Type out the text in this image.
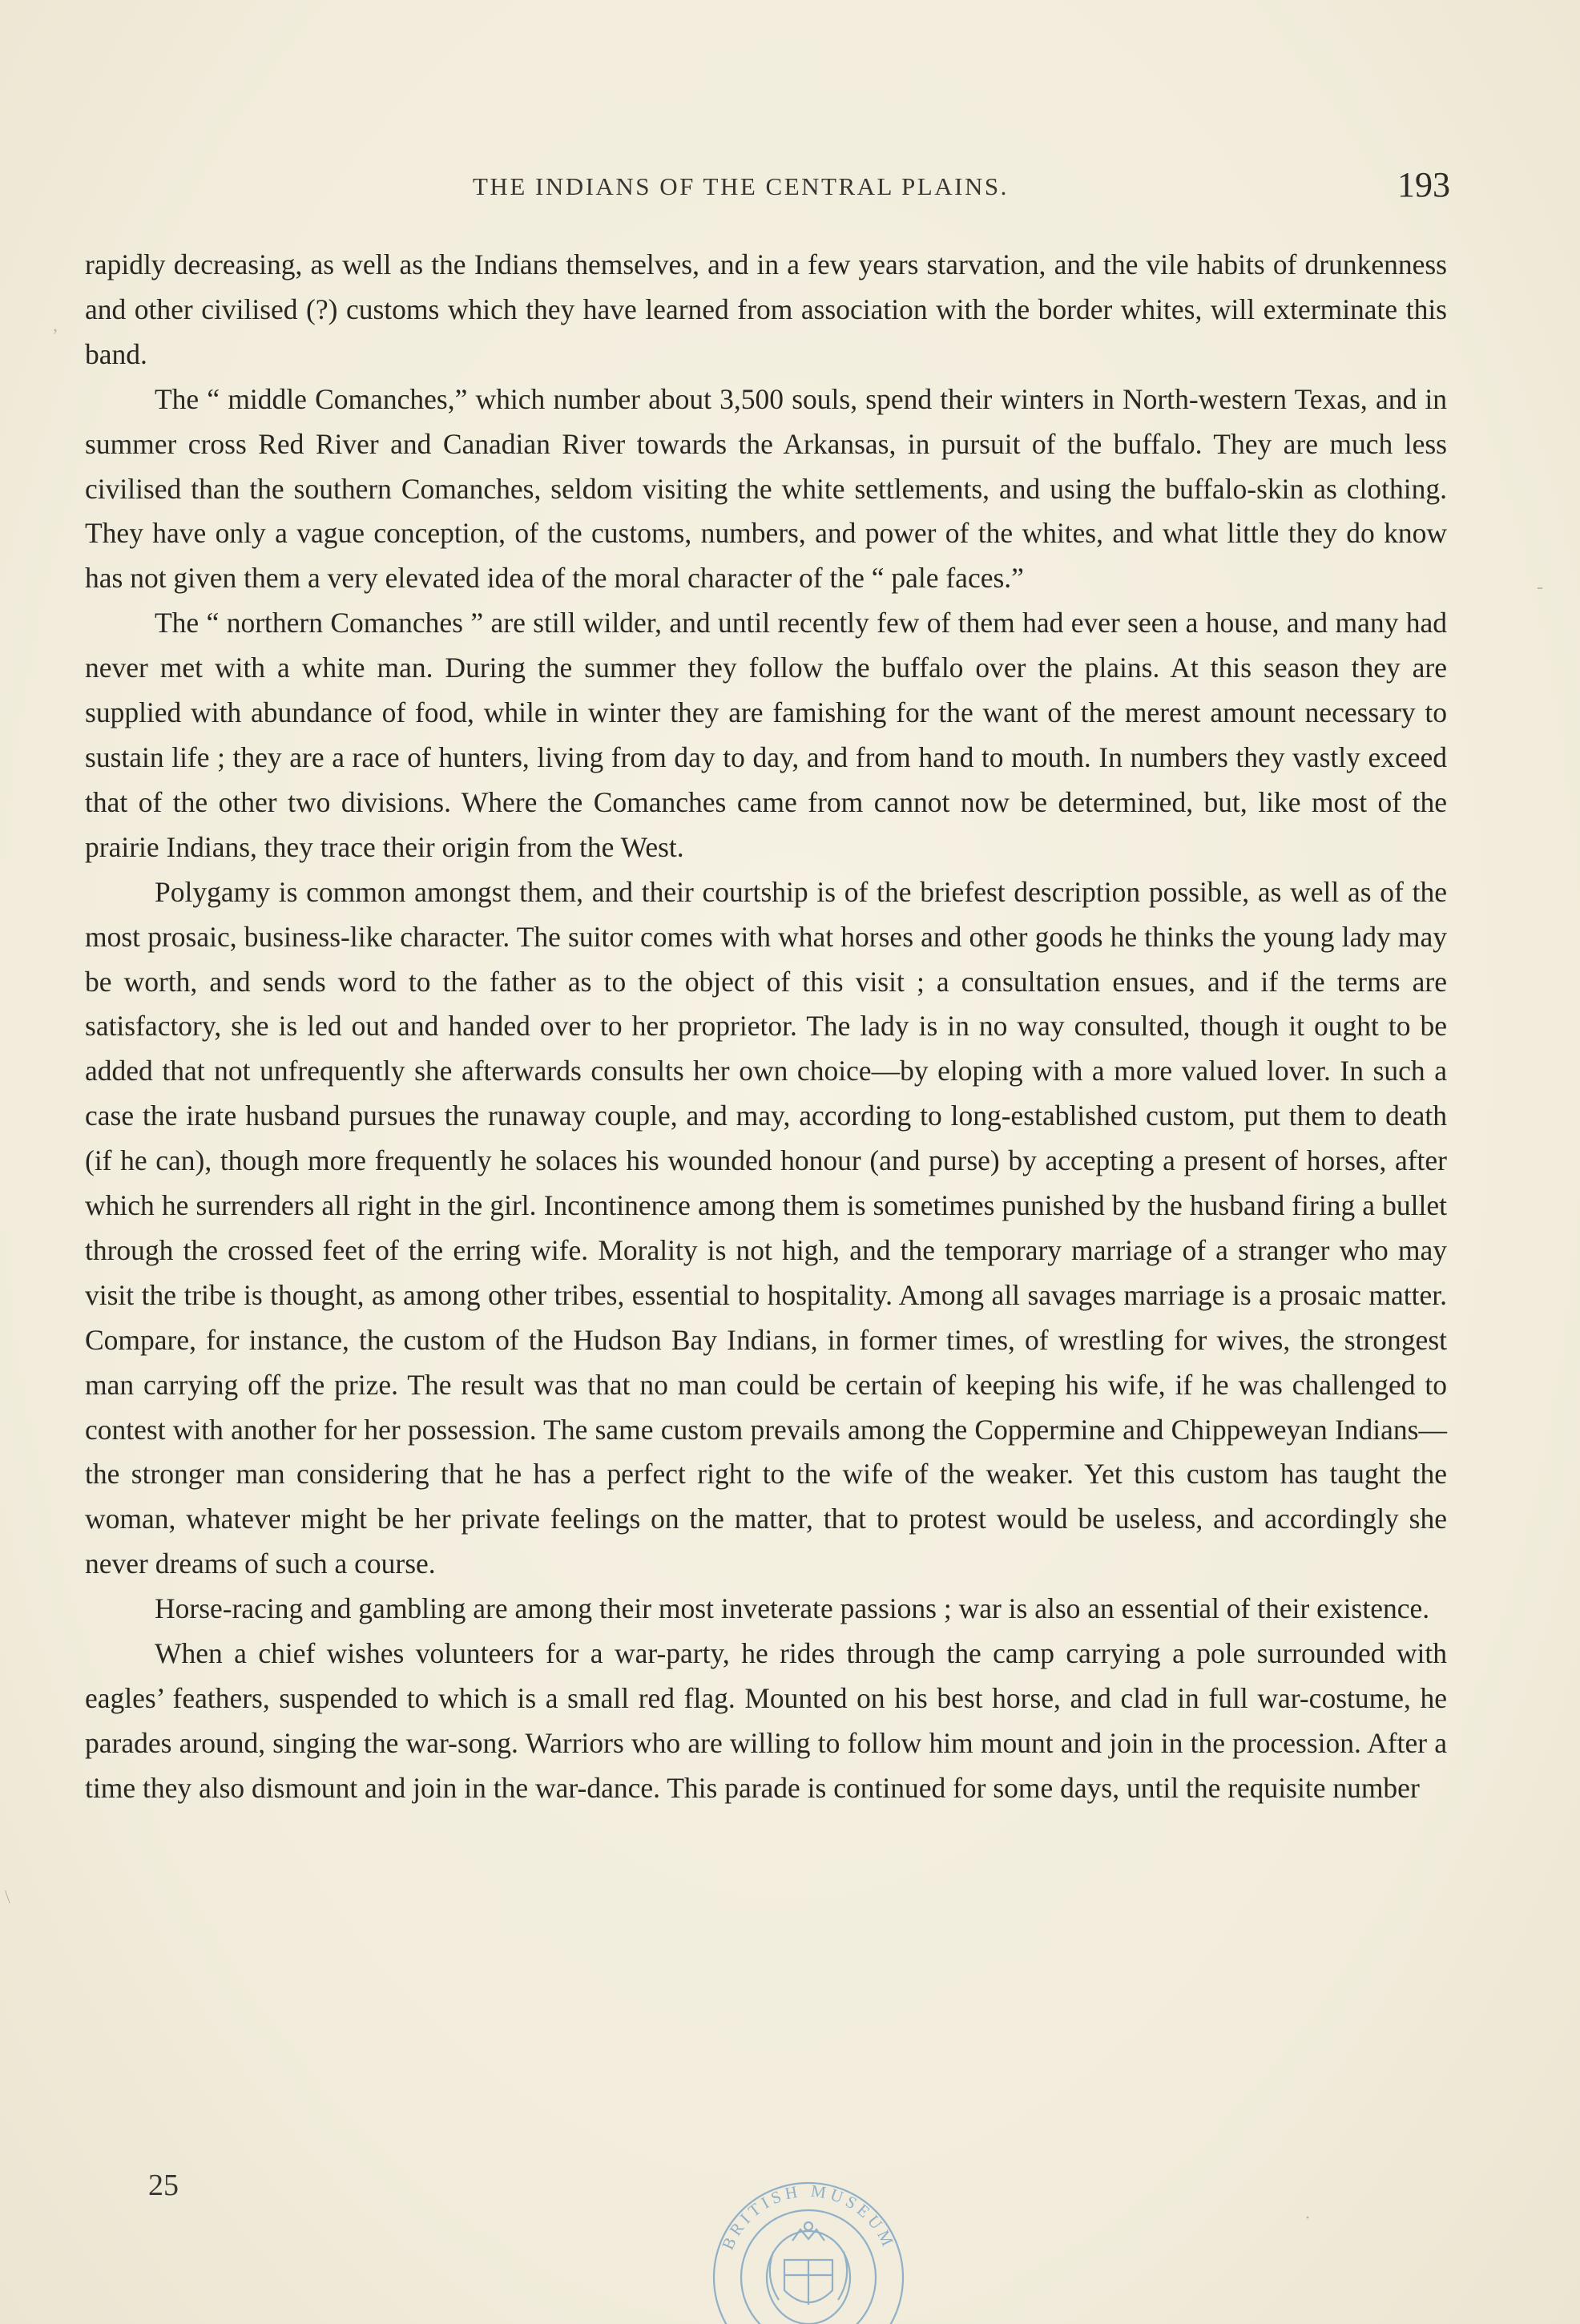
THE INDIANS OF THE CENTRAL PLAINS.	193

rapidly decreasing, as well as the Indians themselves, and in a few years starvation, and the vile habits of drunkenness and other civilised (?) customs which they have learned from association with the border whites, will exterminate this band.

The “ middle Comanches,” which number about 3,500 souls, spend their winters in North-western Texas, and in summer cross Red River and Canadian River towards the Arkansas, in pursuit of the buffalo. They are much less civilised than the southern Comanches, seldom visiting the white settlements, and using the buffalo-skin as clothing. They have only a vague conception, of the customs, numbers, and power of the whites, and what little they do know has not given them a very elevated idea of the moral character of the “ pale faces.”

The “ northern Comanches ” are still wilder, and until recently few of them had ever seen a house, and many had never met with a white man. During the summer they follow the buffalo over the plains. At this season they are supplied with abundance of food, while in winter they are famishing for the want of the merest amount necessary to sustain life ; they are a race of hunters, living from day to day, and from hand to mouth. In numbers they vastly exceed that of the other two divisions. Where the Comanches came from cannot now be determined, but, like most of the prairie Indians, they trace their origin from the West.

Polygamy is common amongst them, and their courtship is of the briefest description possible, as well as of the most prosaic, business-like character. The suitor comes with what horses and other goods he thinks the young lady may be worth, and sends word to the father as to the object of this visit ; a consultation ensues, and if the terms are satisfactory, she is led out and handed over to her proprietor. The lady is in no way consulted, though it ought to be added that not unfrequently she afterwards consults her own choice—by eloping with a more valued lover. In such a case the irate husband pursues the runaway couple, and may, according to long-established custom, put them to death (if he can), though more frequently he solaces his wounded honour (and purse) by accepting a present of horses, after which he surrenders all right in the girl. Incontinence among them is sometimes punished by the husband firing a bullet through the crossed feet of the erring wife. Morality is not high, and the temporary marriage of a stranger who may visit the tribe is thought, as among other tribes, essential to hospitality. Among all savages marriage is a prosaic matter. Compare, for instance, the custom of the Hudson Bay Indians, in former times, of wrestling for wives, the strongest man carrying off the prize. The result was that no man could be certain of keeping his wife, if he was challenged to contest with another for her possession. The same custom prevails among the Coppermine and Chippeweyan Indians—the stronger man considering that he has a perfect right to the wife of the weaker. Yet this custom has taught the woman, whatever might be her private feelings on the matter, that to protest would be useless, and accordingly she never dreams of such a course.

Horse-racing and gambling are among their most inveterate passions ; war is also an essential of their existence.

When a chief wishes volunteers for a war-party, he rides through the camp carrying a pole surrounded with eagles’ feathers, suspended to which is a small red flag. Mounted on his best horse, and clad in full war-costume, he parades around, singing the war-song. Warriors who are willing to follow him mount and join in the procession. After a time they also dismount and join in the war-dance. This parade is continued for some days, until the requisite number

25
BRITISH MUSEUM
,
-
\
·
